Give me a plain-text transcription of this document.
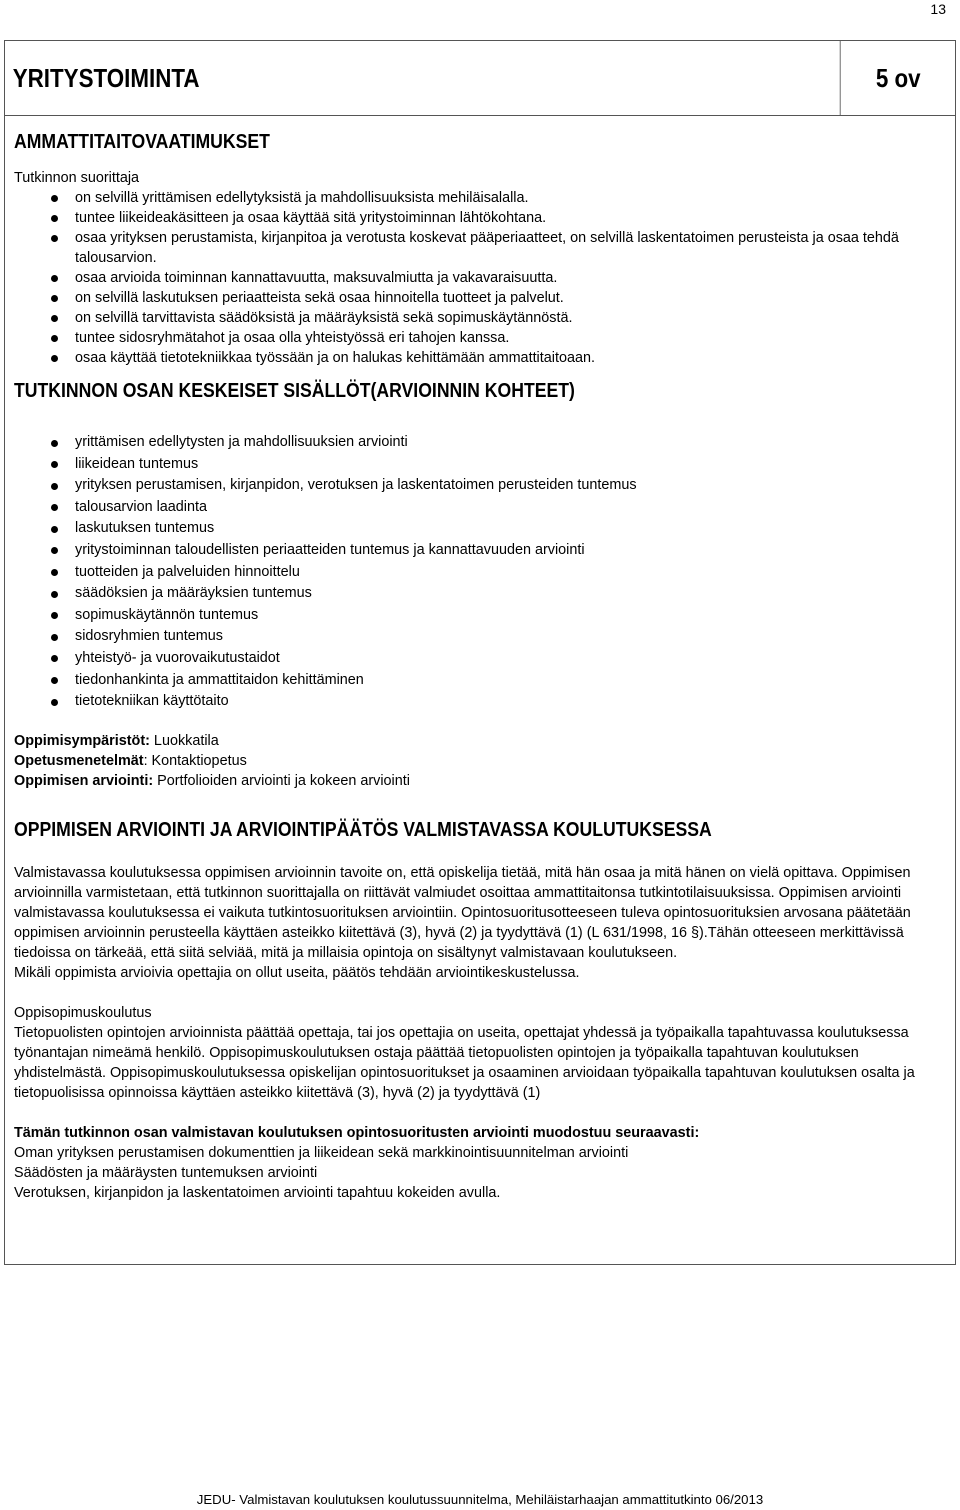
13
YRITYSTOIMINTA	5 ov
AMMATTITAITOVAATIMUKSET
Tutkinnon suorittaja
on selvillä yrittämisen edellytyksistä ja mahdollisuuksista mehiläisalalla.
tuntee liikeideakäsitteen ja osaa käyttää sitä yritystoiminnan lähtökohtana.
osaa yrityksen perustamista, kirjanpitoa ja verotusta koskevat pääperiaatteet, on selvillä laskentatoimen perusteista ja osaa tehdä talousarvion.
osaa arvioida toiminnan kannattavuutta, maksuvalmiutta ja vakavaraisuutta.
on selvillä laskutuksen periaatteista sekä osaa hinnoitella tuotteet ja palvelut.
on selvillä tarvittavista säädöksistä ja määräyksistä sekä sopimuskäytännöstä.
tuntee sidosryhmätahot ja osaa olla yhteistyössä eri tahojen kanssa.
osaa käyttää tietotekniikkaa työssään ja on halukas kehittämään ammattitaitoaan.
TUTKINNON OSAN KESKEISET SISÄLLÖT(ARVIOINNIN KOHTEET)
yrittämisen edellytysten ja mahdollisuuksien arviointi
liikeidean tuntemus
yrityksen perustamisen, kirjanpidon, verotuksen ja laskentatoimen perusteiden tuntemus
talousarvion laadinta
laskutuksen tuntemus
yritystoiminnan taloudellisten periaatteiden tuntemus ja kannattavuuden arviointi
tuotteiden ja palveluiden hinnoittelu
säädöksien ja määräyksien tuntemus
sopimuskäytännön tuntemus
sidosryhmien tuntemus
yhteistyö- ja vuorovaikutustaidot
tiedonhankinta ja ammattitaidon kehittäminen
tietotekniikan käyttötaito
Oppimisympäristöt: Luokkatila
Opetusmenetelmät: Kontaktiopetus
Oppimisen arviointi: Portfolioiden arviointi ja kokeen arviointi
OPPIMISEN ARVIOINTI JA ARVIOINTIPÄÄTÖS VALMISTAVASSA KOULUTUKSESSA

Valmistavassa koulutuksessa oppimisen arvioinnin tavoite on, että opiskelija tietää, mitä hän osaa ja mitä hänen on vielä opittava. Oppimisen arvioinnilla varmistetaan, että tutkinnon suorittajalla on riittävät valmiudet osoittaa ammattitaitonsa tutkintotilaisuuksissa. Oppimisen arviointi valmistavassa koulutuksessa ei vaikuta tutkintosuorituksen arviointiin. Opintosuoritusotteeseen tuleva opintosuorituksien arvosana päätetään oppimisen arvioinnin perusteella käyttäen asteikko kiitettävä (3), hyvä (2) ja tyydyttävä (1) (L 631/1998, 16 §).Tähän otteeseen merkittävissä tiedoissa on tärkeää, että siitä selviää, mitä ja millaisia opintoja on sisältynyt valmistavaan koulutukseen.

Mikäli oppimista arvioivia opettajia on ollut useita, päätös tehdään arviointikeskustelussa.

Oppisopimuskoulutus

Tietopuolisten opintojen arvioinnista päättää opettaja, tai jos opettajia on useita, opettajat yhdessä ja työpaikalla tapahtuvassa koulutuksessa työnantajan nimeämä henkilö. Oppisopimuskoulutuksen ostaja päättää tietopuolisten opintojen ja työpaikalla tapahtuvan koulutuksen yhdistelmästä. Oppisopimuskoulutuksessa opiskelijan opintosuoritukset ja osaaminen arvioidaan työpaikalla tapahtuvan koulutuksen osalta ja tietopuolisissa opinnoissa käyttäen asteikko kiitettävä (3), hyvä (2) ja tyydyttävä (1)

Tämän tutkinnon osan valmistavan koulutuksen opintosuoritusten arviointi muodostuu seuraavasti:
Oman yrityksen perustamisen dokumenttien ja liikeidean sekä markkinointisuunnitelman arviointi
Säädösten ja määräysten tuntemuksen arviointi
Verotuksen, kirjanpidon ja laskentatoimen arviointi tapahtuu kokeiden avulla.
JEDU- Valmistavan koulutuksen koulutussuunnitelma, Mehiläistarhaajan ammattitutkinto 06/2013
